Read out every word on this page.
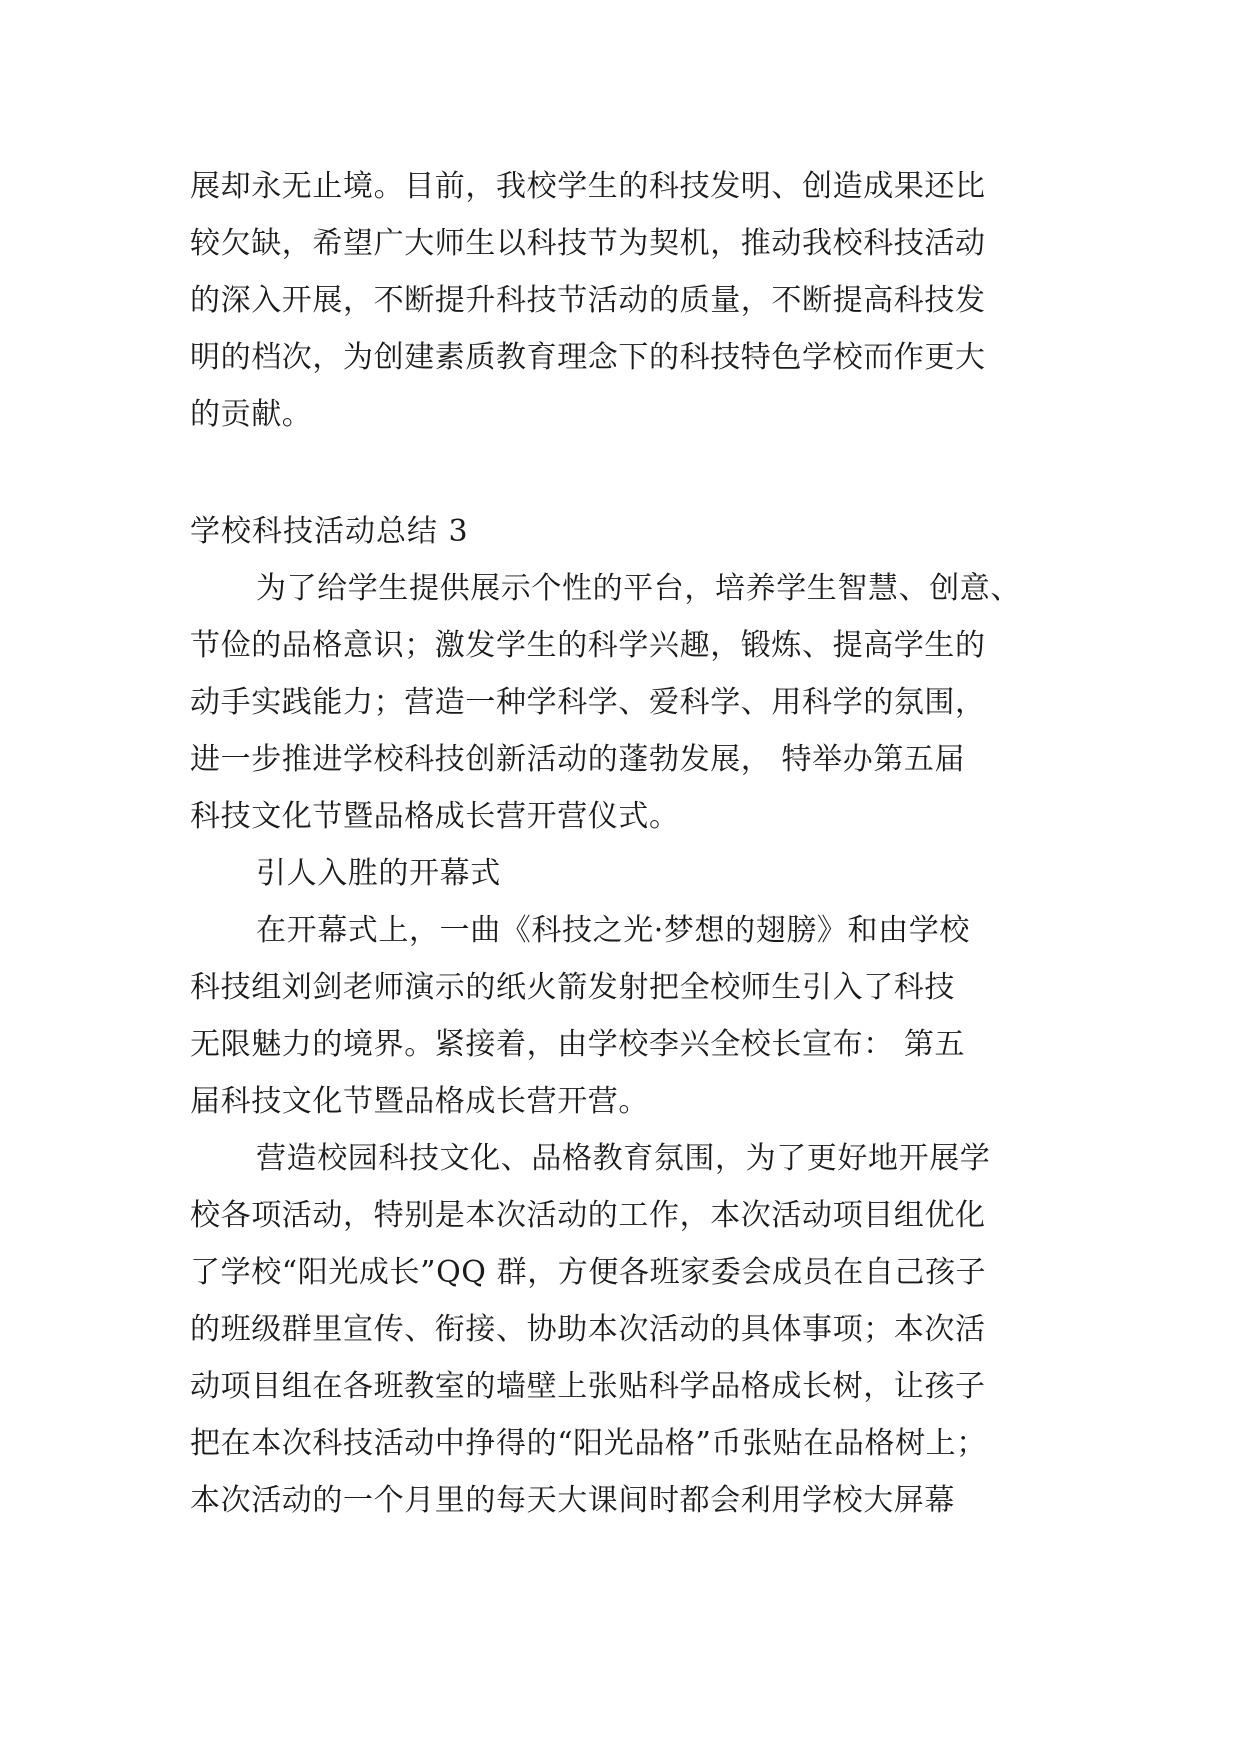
展却永无止境。目前，我校学生的科技发明、创造成果还比
较欠缺，希望广大师生以科技节为契机，推动我校科技活动
的深入开展，不断提升科技节活动的质量，不断提高科技发
明的档次，为创建素质教育理念下的科技特色学校而作更大
的贡献。
学校科技活动总结 3
为了给学生提供展示个性的平台，培养学生智慧、创意、
节俭的品格意识；激发学生的科学兴趣，锻炼、提高学生的
动手实践能力；营造一种学科学、爱科学、用科学的氛围，
进一步推进学校科技创新活动的蓬勃发展， 特举办第五届
科技文化节暨品格成长营开营仪式。
引人入胜的开幕式
在开幕式上，一曲《科技之光·梦想的翅膀》和由学校
科技组刘剑老师演示的纸火箭发射把全校师生引入了科技
无限魅力的境界。紧接着，由学校李兴全校长宣布： 第五
届科技文化节暨品格成长营开营。
营造校园科技文化、品格教育氛围，为了更好地开展学
校各项活动，特别是本次活动的工作，本次活动项目组优化
了学校“阳光成长”QQ 群，方便各班家委会成员在自己孩子
的班级群里宣传、衔接、协助本次活动的具体事项；本次活
动项目组在各班教室的墙壁上张贴科学品格成长树，让孩子
把在本次科技活动中挣得的“阳光品格”币张贴在品格树上；
本次活动的一个月里的每天大课间时都会利用学校大屏幕
